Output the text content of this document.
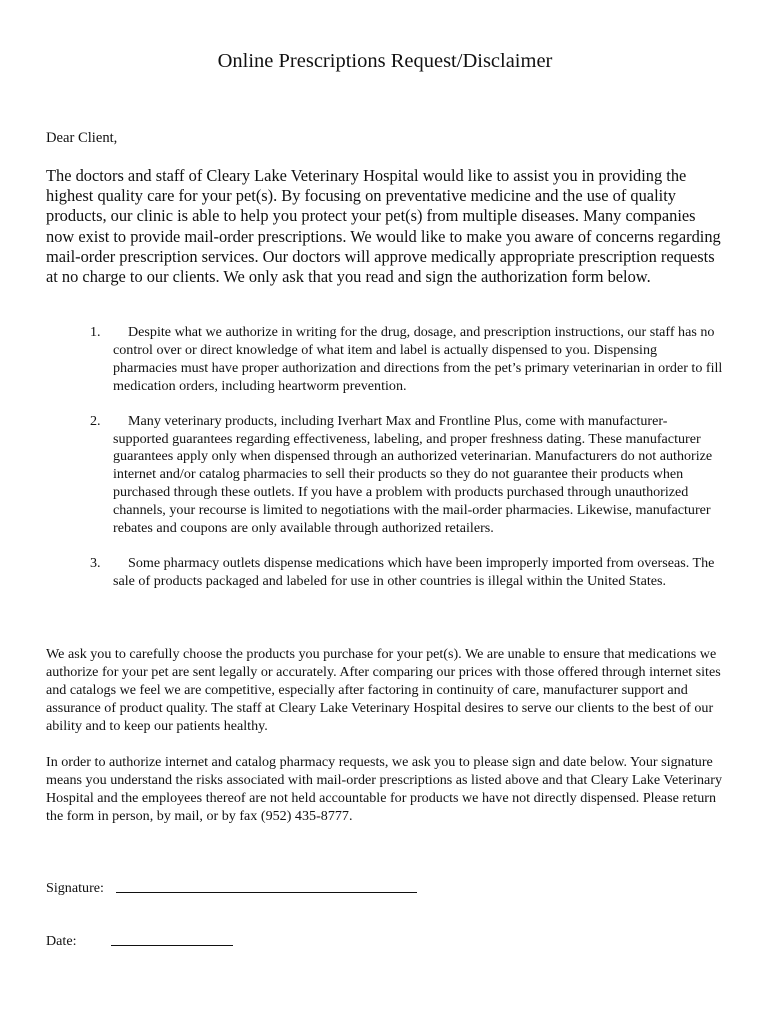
Online Prescriptions Request/Disclaimer

Dear Client,

The doctors and staff of Cleary Lake Veterinary Hospital would like to assist you in providing the highest quality care for your pet(s). By focusing on preventative medicine and the use of quality products, our clinic is able to help you protect your pet(s) from multiple diseases. Many companies now exist to provide mail-order prescriptions. We would like to make you aware of concerns regarding mail-order prescription services. Our doctors will approve medically appropriate prescription requests at no charge to our clients. We only ask that you read and sign the authorization form below.

1.	Despite what we authorize in writing for the drug, dosage, and prescription instructions, our staff has no control over or direct knowledge of what item and label is actually dispensed to you. Dispensing pharmacies must have proper authorization and directions from the pet’s primary veterinarian in order to fill medication orders, including heartworm prevention.
2.	Many veterinary products, including Iverhart Max and Frontline Plus, come with manufacturer-supported guarantees regarding effectiveness, labeling, and proper freshness dating. These manufacturer guarantees apply only when dispensed through an authorized veterinarian. Manufacturers do not authorize internet and/or catalog pharmacies to sell their products so they do not guarantee their products when purchased through these outlets. If you have a problem with products purchased through unauthorized channels, your recourse is limited to negotiations with the mail-order pharmacies. Likewise, manufacturer rebates and coupons are only available through authorized retailers.
3.	Some pharmacy outlets dispense medications which have been improperly imported from overseas. The sale of products packaged and labeled for use in other countries is illegal within the United States.

We ask you to carefully choose the products you purchase for your pet(s). We are unable to ensure that medications we authorize for your pet are sent legally or accurately. After comparing our prices with those offered through internet sites and catalogs we feel we are competitive, especially after factoring in continuity of care, manufacturer support and assurance of product quality. The staff at Cleary Lake Veterinary Hospital desires to serve our clients to the best of our ability and to keep our patients healthy.

In order to authorize internet and catalog pharmacy requests, we ask you to please sign and date below. Your signature means you understand the risks associated with mail-order prescriptions as listed above and that Cleary Lake Veterinary Hospital and the employees thereof are not held accountable for products we have not directly dispensed. Please return the form in person, by mail, or by fax (952) 435-8777.

Signature:
Date:
